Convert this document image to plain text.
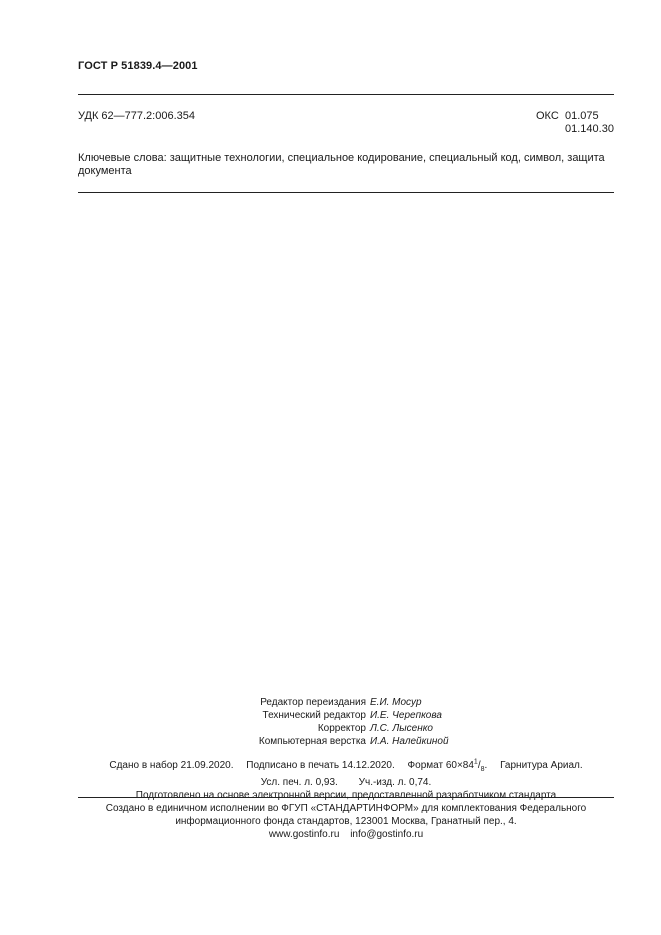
ГОСТ Р 51839.4—2001
УДК 62—777.2:006.354	ОКС 01.075
01.140.30
Ключевые слова: защитные технологии, специальное кодирование, специальный код, символ, защита документа
Редактор переиздания Е.И. Мосур
Технический редактор И.Е. Черепкова
Корректор Л.С. Лысенко
Компьютерная верстка И.А. Налейкиной
Сдано в набор 21.09.2020. Подписано в печать 14.12.2020. Формат $60\times 84^1/_8$. Гарнитура Ариал.
Усл. печ. л. 0,93. Уч.-изд. л. 0,74.
Подготовлено на основе электронной версии, предоставленной разработчиком стандарта
Создано в единичном исполнении во ФГУП «СТАНДАРТИНФОРМ» для комплектования Федерального
информационного фонда стандартов, 123001 Москва, Гранатный пер., 4.
www.gostinfo.ru info@gostinfo.ru
